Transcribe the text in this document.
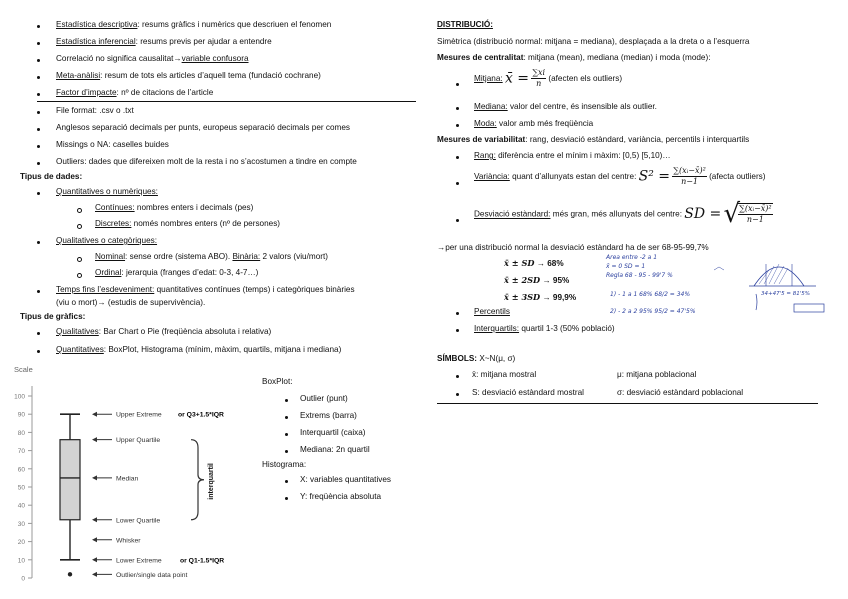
Estadística descriptiva: resums gràfics i numèrics que descriuen el fenomen
Estadística inferencial: resums previs per ajudar a entendre
Correlació no significa causalitat→variable confusora
Meta-anàlisi: resum de tots els articles d’aquell tema (fundació cochrane)
Factor d’impacte: nº de citacions de l’article
File format: .csv o .txt
Anglesos separació decimals per punts, europeus separació decimals per comes
Missings o NA: caselles buides
Outliers: dades que difereixen molt de la resta i no s’acostumen a tindre en compte
Tipus de dades:
Quantitatives o numèriques:
Contínues: nombres enters i decimals (pes)
Discretes: només nombres enters (nº de persones)
Qualitatives o categòriques:
Nominal: sense ordre (sistema ABO). Binària: 2 valors (viu/mort)
Ordinal: jerarquia (franges d’edat: 0-3, 4-7…)
Temps fins l’esdeveniment: quantitatives contínues (temps) i categòriques binàries
(viu o mort)→ (estudis de supervivència).
Tipus de gràfics:
Qualitatives: Bar Chart o Pie (freqüència absoluta i relativa)
Quantitatives: BoxPlot, Histograma (mínim, màxim, quartils, mitjana i mediana)
Scale
0
10
20
30
40
50
60
70
80
90
100
Upper Extreme or Q3+1.5*IQR
Upper Quartile
Median
Lower Quartile
Whisker
Lower Extreme	or Q1-1.5*IQR
Outlier/single data point
interquartil
BoxPlot:
Outlier (punt)
Extrems (barra)
Interquartil (caixa)
Mediana: 2n quartil
Histograma:
X: variables quantitatives
Y: freqüència absoluta
DISTRIBUCIÓ:
Simètrica (distribució normal: mitjana = mediana), desplaçada a la dreta o a l’esquerra
Mesures de centralitat: mitjana (mean), mediana (median) i moda (mode):
Mitjana: x̄ = $\frac{\sum xi}{n}$ (afecten els outliers)
Mediana: valor del centre, és insensible als outlier.
Moda: valor amb més freqüència
Mesures de variabilitat: rang, desviació estàndard, variància, percentils i interquartils
Rang: diferència entre el mínim i màxim: [0,5) [5,10)…
Variància: quant d’allunyats estan del centre: $S^2 = \frac{\text{∑(xᵢ−x̄)²}}{n-1}$ (afecta outliers)
Desviació estàndard: més gran, més allunyats del centre: SD = √
$\frac{\text{∑(xᵢ−x̄)²}}{n-1}$
→per una distribució normal la desviació estàndard ha de ser 68-95-99,7%
x̄ ± SD → 68%
x̄ ± 2SD → 95%
x̄ ± 3SD → 99,9%
Area entre -2 a 1
x̄ = 0 SD = 1
Regla 68 - 95 - 99'7 %
1) - 1 a 1 68% 68/2 = 34%
2) - 2 a 2 95% 95/2 = 47'5%
34+47'5 = 81'5%
Percentils
Interquartils: quartil 1-3 (50% població)
SÍMBOLS: X~N(μ, σ)
x̄: mitjana mostral	μ: mitjana poblacional
S: desviació estàndard mostral	σ: desviació estàndard poblacional
